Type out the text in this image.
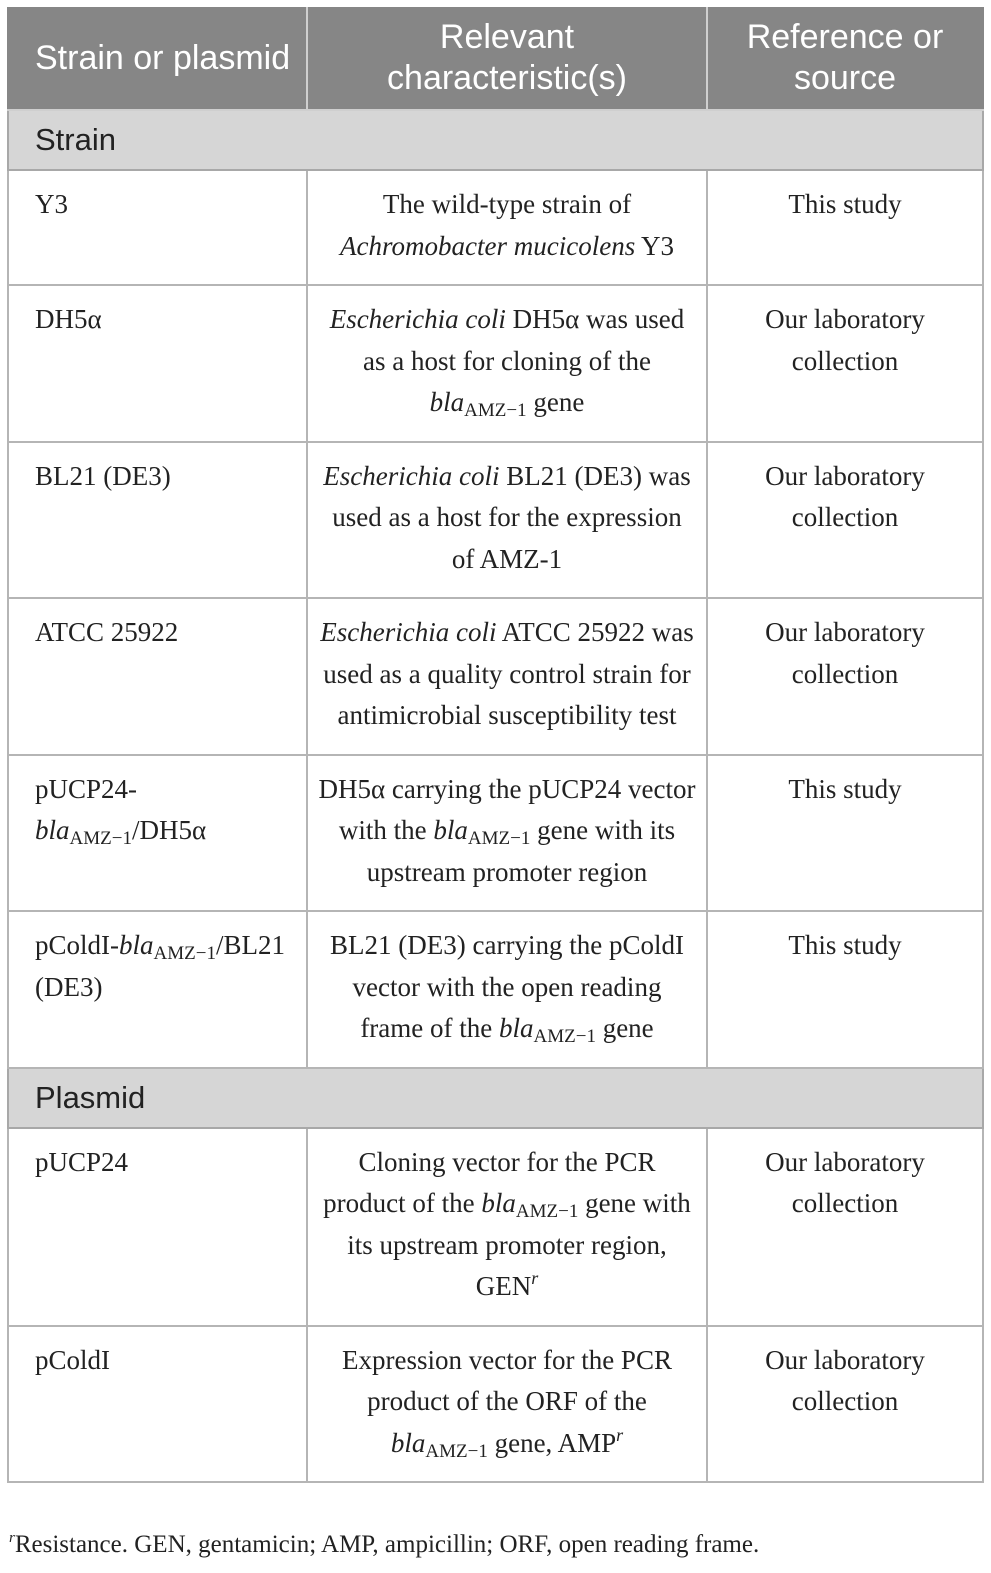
Strain or plasmid	Relevant characteristic(s)	Reference or source
Strain		
Y3	The wild-type strain of Achromobacter mucicolens Y3	This study
DH5α	Escherichia coli DH5α was used as a host for cloning of the bla$_{AMZ-1}$ gene	Our laboratory collection
BL21 (DE3)	Escherichia coli BL21 (DE3) was used as a host for the expression of AMZ-1	Our laboratory collection
ATCC 25922	Escherichia coli ATCC 25922 was used as a quality control strain for antimicrobial susceptibility test	Our laboratory collection
pUCP24-bla$_{AMZ-1}$/DH5α	DH5α carrying the pUCP24 vector with the bla$_{AMZ-1}$ gene with its upstream promoter region	This study
pColdI-bla$_{AMZ-1}$/BL21 (DE3)	BL21 (DE3) carrying the pColdI vector with the open reading frame of the bla$_{AMZ-1}$ gene	This study
Plasmid		
pUCP24	Cloning vector for the PCR product of the bla$_{AMZ-1}$ gene with its upstream promoter region, GEN$^r$	Our laboratory collection
pColdI	Expression vector for the PCR product of the ORF of the bla$_{AMZ-1}$ gene, AMP$^r$	Our laboratory collection
$^r$Resistance. GEN, gentamicin; AMP, ampicillin; ORF, open reading frame.
